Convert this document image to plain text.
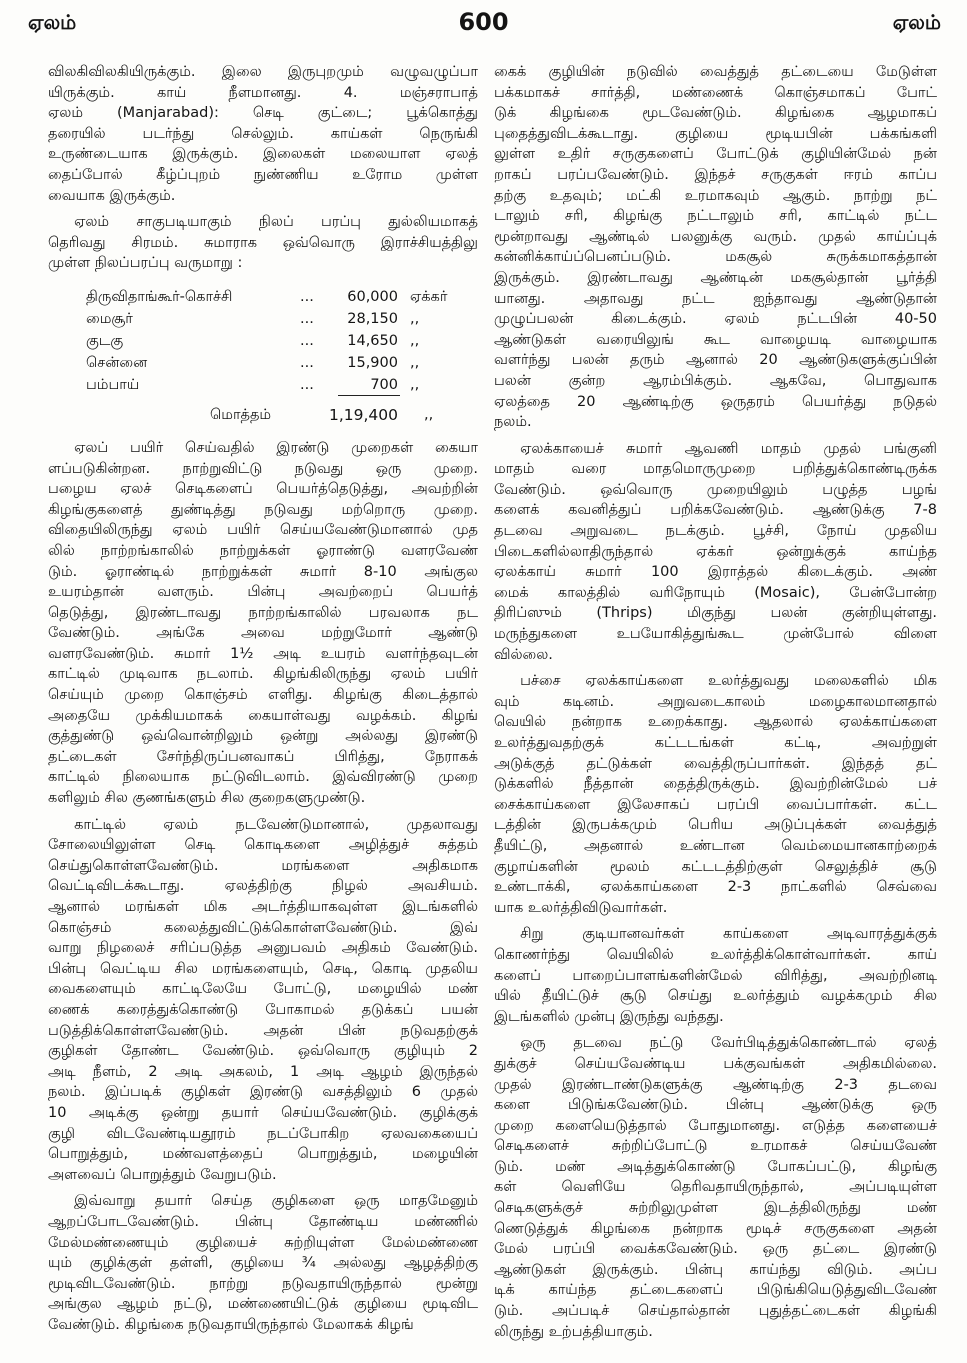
ஏலம்	600	ஏலம்
விலகிவிலகியிருக்கும். இலை இருபுறமும் வழுவழுப்பா
யிருக்கும். காய் நீளமானது. 4. மஞ்சராபாத்
ஏலம் (Manjarabad): செடி குட்டை; பூக்கொத்து
தரையில் படர்ந்து செல்லும். காய்கள் நெருங்கி
உருண்டையாக இருக்கும். இலைகள் மலையாள ஏலத்
தைப்போல் கீழ்ப்புறம் நுண்ணிய உரோம முள்ள
வையாக இருக்கும்.
ஏலம் சாகுபடியாகும் நிலப் பரப்பு துல்லியமாகத்
தெரிவது சிரமம். சுமாராக ஒவ்வொரு இராச்சியத்திலு
முள்ள நிலப்பரப்பு வருமாறு :
திருவிதாங்கூர்-கொச்சி	... 60,000 ஏக்கர்
மைசூர்	... 28,150 ,,
குடகு	... 14,650 ,,
சென்னை	... 15,900 ,,
பம்பாய்	...	700 ,,
மொத்தம்	1,19,400 ,,
ஏலப் பயிர் செய்வதில் இரண்டு முறைகள் கையா
ளப்படுகின்றன. நாற்றுவிட்டு நடுவது ஒரு முறை.
பழைய ஏலச் செடிகளைப் பெயர்த்தெடுத்து, அவற்றின்
கிழங்குகளைத் துண்டித்து நடுவது மற்றொரு முறை.
விதையிலிருந்து ஏலம் பயிர் செய்யவேண்டுமானால் முத
லில் நாற்றங்காலில் நாற்றுக்கள் ஓராண்டு வளரவேண்
டும். ஓராண்டில் நாற்றுக்கள் சுமார் 8-10 அங்குல
உயரம்தான் வளரும். பின்பு அவற்றைப் பெயர்த்
தெடுத்து, இரண்டாவது நாற்றங்காலில் பரவலாக நட
வேண்டும். அங்கே அவை மற்றுமோர் ஆண்டு
வளரவேண்டும். சுமார் 1½ அடி உயரம் வளர்ந்தவுடன்
காட்டில் முடிவாக நடலாம். கிழங்கிலிருந்து ஏலம் பயிர்
செய்யும் முறை கொஞ்சம் எளிது. கிழங்கு கிடைத்தால்
அதையே முக்கியமாகக் கையாள்வது வழக்கம். கிழங்
குத்துண்டு ஒவ்வொன்றிலும் ஒன்று அல்லது இரண்டு
தட்டைகள் சேர்ந்திருப்பனவாகப் பிரித்து, நேராகக்
காட்டில் நிலையாக நட்டுவிடலாம். இவ்விரண்டு முறை
களிலும் சில குணங்களும் சில குறைகளுமுண்டு.
காட்டில் ஏலம் நடவேண்டுமானால், முதலாவது
சோலையிலுள்ள செடி கொடிகளை அழித்துச் சுத்தம்
செய்துகொள்ளவேண்டும். மரங்களை அதிகமாக
வெட்டிவிடக்கூடாது. ஏலத்திற்கு நிழல் அவசியம்.
ஆனால் மரங்கள் மிக அடர்த்தியாகவுள்ள இடங்களில்
கொஞ்சம் கலைத்துவிட்டுக்கொள்ளவேண்டும். இவ்
வாறு நிழலைச் சரிப்படுத்த அனுபவம் அதிகம் வேண்டும்.
பின்பு வெட்டிய சில மரங்களையும், செடி, கொடி முதலிய
வைகளையும் காட்டிலேயே போட்டு, மழையில் மண்
ணைக் கரைத்துக்கொண்டு போகாமல் தடுக்கப் பயன்
படுத்திக்கொள்ளவேண்டும். அதன் பின் நடுவதற்குக்
குழிகள் தோண்ட வேண்டும். ஒவ்வொரு குழியும் 2
அடி நீளம், 2 அடி அகலம், 1 அடி ஆழம் இருந்தல்
நலம். இப்படிக் குழிகள் இரண்டு வசத்திலும் 6 முதல்
10 அடிக்கு ஒன்று தயார் செய்யவேண்டும். குழிக்குக்
குழி விடவேண்டியதூரம் நடப்போகிற ஏலவகையைப்
பொறுத்தும், மண்வளத்தைப் பொறுத்தும், மழையின்
அளவைப் பொறுத்தும் வேறுபடும்.
இவ்வாறு தயார் செய்த குழிகளை ஒரு மாதமேனும்
ஆறப்போடவேண்டும். பின்பு தோண்டிய மண்ணில்
மேல்மண்ணையும் குழியைச் சுற்றியுள்ள மேல்மண்ணை
யும் குழிக்குள் தள்ளி, குழியை ¾ அல்லது ஆழத்திற்கு
மூடிவிடவேண்டும். நாற்று நடுவதாயிருந்தால் மூன்று
அங்குல ஆழம் நட்டு, மண்ணையிட்டுக் குழியை மூடிவிட
வேண்டும். கிழங்கை நடுவதாயிருந்தால் மேலாகக் கிழங்
கைக் குழியின் நடுவில் வைத்துத் தட்டையை மேடுள்ள
பக்கமாகச் சார்த்தி, மண்ணைக் கொஞ்சமாகப் போட்
டுக் கிழங்கை மூடவேண்டும். கிழங்கை ஆழமாகப்
புதைத்துவிடக்கூடாது. குழியை மூடியபின் பக்கங்களி
லுள்ள உதிர் சருகுகளைப் போட்டுக் குழியின்மேல் நன்
றாகப் பரப்பவேண்டும். இந்தச் சருகுகள் ஈரம் காப்ப
தற்கு உதவும்; மட்கி உரமாகவும் ஆகும். நாற்று நட்
டாலும் சரி, கிழங்கு நட்டாலும் சரி, காட்டில் நட்ட
மூன்றாவது ஆண்டில் பலனுக்கு வரும். முதல் காய்ப்புக்
கன்னிக்காய்ப்பெனப்படும். மகசூல் சுருக்கமாகத்தான்
இருக்கும். இரண்டாவது ஆண்டின் மகசூல்தான் பூர்த்தி
யானது. அதாவது நட்ட ஐந்தாவது ஆண்டுதான்
முழுப்பலன் கிடைக்கும். ஏலம் நட்டபின் 40-50
ஆண்டுகள் வரையிலுங் கூட வாழையடி வாழையாக
வளர்ந்து பலன் தரும் ஆனால் 20 ஆண்டுகளுக்குப்பின்
பலன் குன்ற ஆரம்பிக்கும். ஆகவே, பொதுவாக
ஏலத்தை 20 ஆண்டிற்கு ஒருதரம் பெயர்த்து நடுதல்
நலம்.
ஏலக்காயைச் சுமார் ஆவணி மாதம் முதல் பங்குனி
மாதம் வரை மாதமொருமுறை பறித்துக்கொண்டிருக்க
வேண்டும். ஒவ்வொரு முறையிலும் பழுத்த பழங்
களைக் கவனித்துப் பறிக்கவேண்டும். ஆண்டுக்கு 7-8
தடவை அறுவடை நடக்கும். பூச்சி, நோய் முதலிய
பிடைகளில்லாதிருந்தால் ஏக்கர் ஒன்றுக்குக் காய்ந்த
ஏலக்காய் சுமார் 100 இராத்தல் கிடைக்கும். அண்
மைக் காலத்தில் வரிநோயும் (Mosaic), பேன்போன்ற
திரிப்ஸும் (Thrips) மிகுந்து பலன் குன்றியுள்ளது.
மருந்துகளை உபயோகித்துங்கூட முன்போல் விளை
வில்லை.
பச்சை ஏலக்காய்களை உலர்த்துவது மலைகளில் மிக
வும் கடினம். அறுவடைகாலம் மழைகாலமானதால்
வெயில் நன்றாக உறைக்காது. ஆதலால் ஏலக்காய்களை
உலர்த்துவதற்குக் கட்டடங்கள் கட்டி, அவற்றுள்
அடுக்குத் தட்டுக்கள் வைத்திருப்பார்கள். இந்தத் தட்
டுக்களில் நீத்தான் தைத்திருக்கும். இவற்றின்மேல் பச்
சைக்காய்களை இலேசாகப் பரப்பி வைப்பார்கள். கட்ட
டத்தின் இருபக்கமும் பெரிய அடுப்புக்கள் வைத்துத்
தீயிட்டு, அதனால் உண்டான வெம்மையானகாற்றைக்
குழாய்களின் மூலம் கட்டடத்திற்குள் செலுத்திச் சூடு
உண்டாக்கி, ஏலக்காய்களை 2-3 நாட்களில் செவ்வை
யாக உலர்த்திவிடுவார்கள்.
சிறு குடியானவர்கள் காய்களை அடிவாரத்துக்குக்
கொணர்ந்து வெயிலில் உலர்த்திக்கொள்வார்கள். காய்
களைப் பாறைப்பாளங்களின்மேல் விரித்து, அவற்றினடி
யில் தீயிட்டுச் சூடு செய்து உலர்த்தும் வழக்கமும் சில
இடங்களில் முன்பு இருந்து வந்தது.
ஒரு தடவை நட்டு வேர்பிடித்துக்கொண்டால் ஏலத்
துக்குச் செய்யவேண்டிய பக்குவங்கள் அதிகமில்லை.
முதல் இரண்டாண்டுகளுக்கு ஆண்டிற்கு 2-3 தடவை
களை பிடுங்கவேண்டும். பின்பு ஆண்டுக்கு ஒரு
முறை களையெடுத்தால் போதுமானது. எடுத்த களையைச்
செடிகளைச் சுற்றிப்போட்டு உரமாகச் செய்யவேண்
டும். மண் அடித்துக்கொண்டு போகப்பட்டு, கிழங்கு
கள் வெளியே தெரிவதாயிருந்தால், அப்படியுள்ள
செடிகளுக்குச் சுற்றிலுமுள்ள இடத்திலிருந்து மண்
ணெடுத்துக் கிழங்கை நன்றாக மூடிச் சருகுகளை அதன்
மேல் பரப்பி வைக்கவேண்டும். ஒரு தட்டை இரண்டு
ஆண்டுகள் இருக்கும். பின்பு காய்ந்து விடும். அப்ப
டிக் காய்ந்த தட்டைகளைப் பிடுங்கியெடுத்துவிடவேண்
டும். அப்படிச் செய்தால்தான் புதுத்தட்டைகள் கிழங்கி
லிருந்து உற்பத்தியாகும்.
